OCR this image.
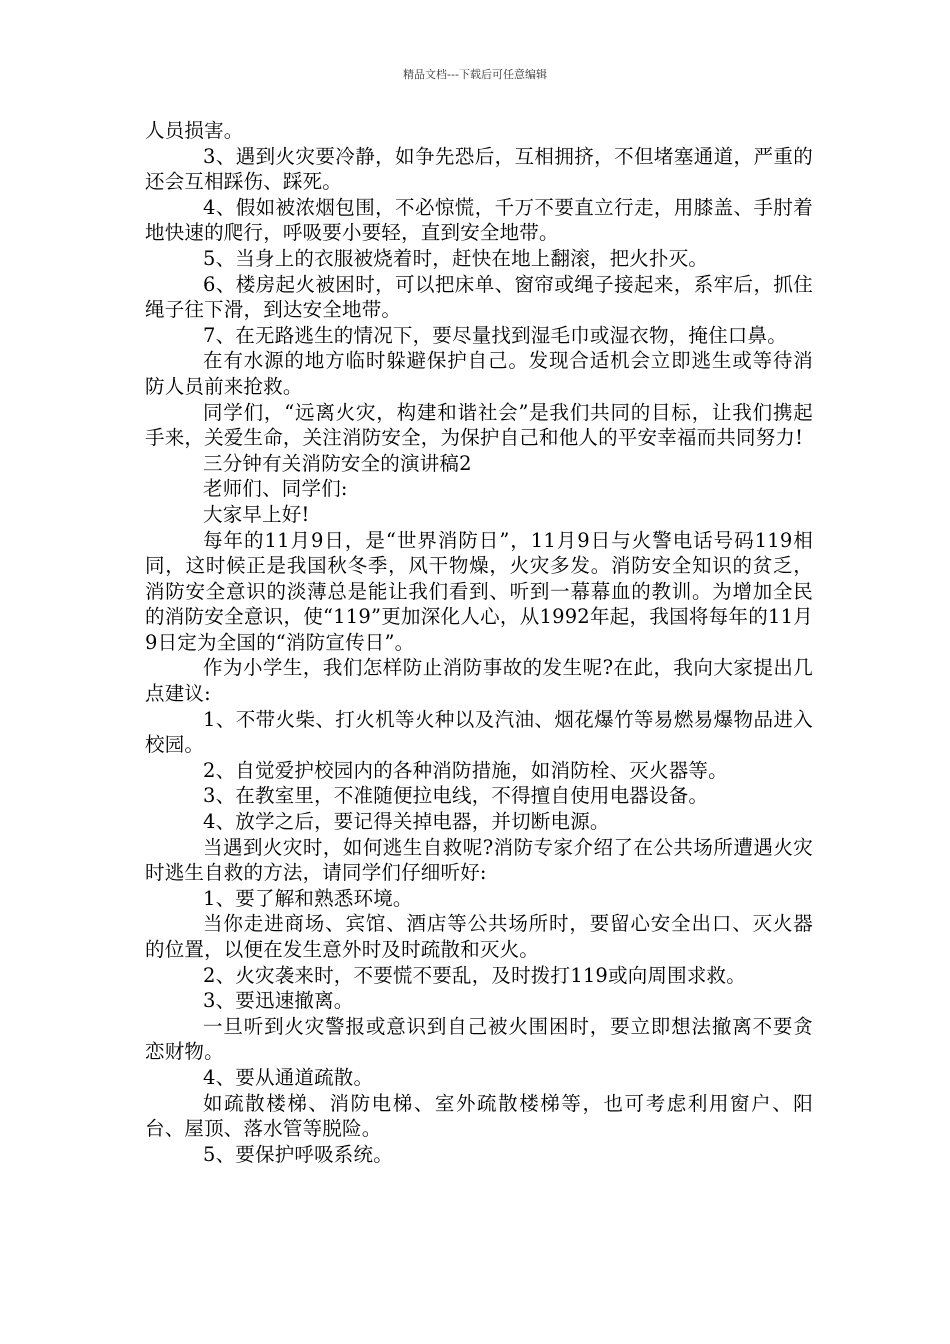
精品文档---下载后可任意编辑

人员损害。

3、遇到火灾要冷静，如争先恐后，互相拥挤，不但堵塞通道，严重的还会互相踩伤、踩死。

4、假如被浓烟包围，不必惊慌，千万不要直立行走，用膝盖、手肘着地快速的爬行，呼吸要小要轻，直到安全地带。

5、当身上的衣服被烧着时，赶快在地上翻滚，把火扑灭。

6、楼房起火被困时，可以把床单、窗帘或绳子接起来，系牢后，抓住绳子往下滑，到达安全地带。

7、在无路逃生的情况下，要尽量找到湿毛巾或湿衣物，掩住口鼻。

在有水源的地方临时躲避保护自己。发现合适机会立即逃生或等待消防人员前来抢救。

同学们，“远离火灾，构建和谐社会”是我们共同的目标，让我们携起手来，关爱生命，关注消防安全，为保护自己和他人的平安幸福而共同努力!

三分钟有关消防安全的演讲稿2

老师们、同学们:

大家早上好!

每年的11月9日，是“世界消防日”，11月9日与火警电话号码119相同，这时候正是我国秋冬季，风干物燥，火灾多发。消防安全知识的贫乏，消防安全意识的淡薄总是能让我们看到、听到一幕幕血的教训。为增加全民的消防安全意识，使“119”更加深化人心，从1992年起，我国将每年的11月9日定为全国的“消防宣传日”。

作为小学生，我们怎样防止消防事故的发生呢?在此，我向大家提出几点建议:

1、不带火柴、打火机等火种以及汽油、烟花爆竹等易燃易爆物品进入校园。

2、自觉爱护校园内的各种消防措施，如消防栓、灭火器等。

3、在教室里，不准随便拉电线，不得擅自使用电器设备。

4、放学之后，要记得关掉电器，并切断电源。

当遇到火灾时，如何逃生自救呢?消防专家介绍了在公共场所遭遇火灾时逃生自救的方法，请同学们仔细听好:

1、要了解和熟悉环境。

当你走进商场、宾馆、酒店等公共场所时，要留心安全出口、灭火器的位置，以便在发生意外时及时疏散和灭火。

2、火灾袭来时，不要慌不要乱，及时拨打119或向周围求救。

3、要迅速撤离。

一旦听到火灾警报或意识到自己被火围困时，要立即想法撤离不要贪恋财物。

4、要从通道疏散。

如疏散楼梯、消防电梯、室外疏散楼梯等，也可考虑利用窗户、阳台、屋顶、落水管等脱险。

5、要保护呼吸系统。
